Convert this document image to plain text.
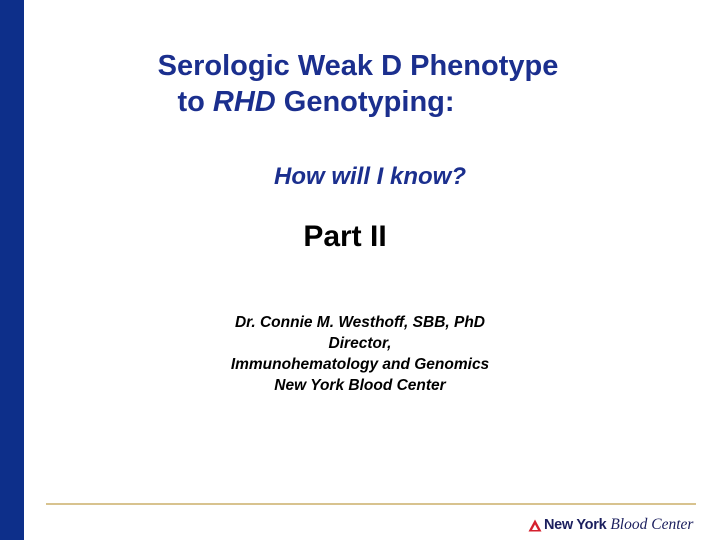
Serologic Weak D Phenotype
to RHD Genotyping:
How will I know?
Part II
Dr. Connie M. Westhoff, SBB, PhD
Director,
Immunohematology and Genomics
New York Blood Center
New York Blood Center
